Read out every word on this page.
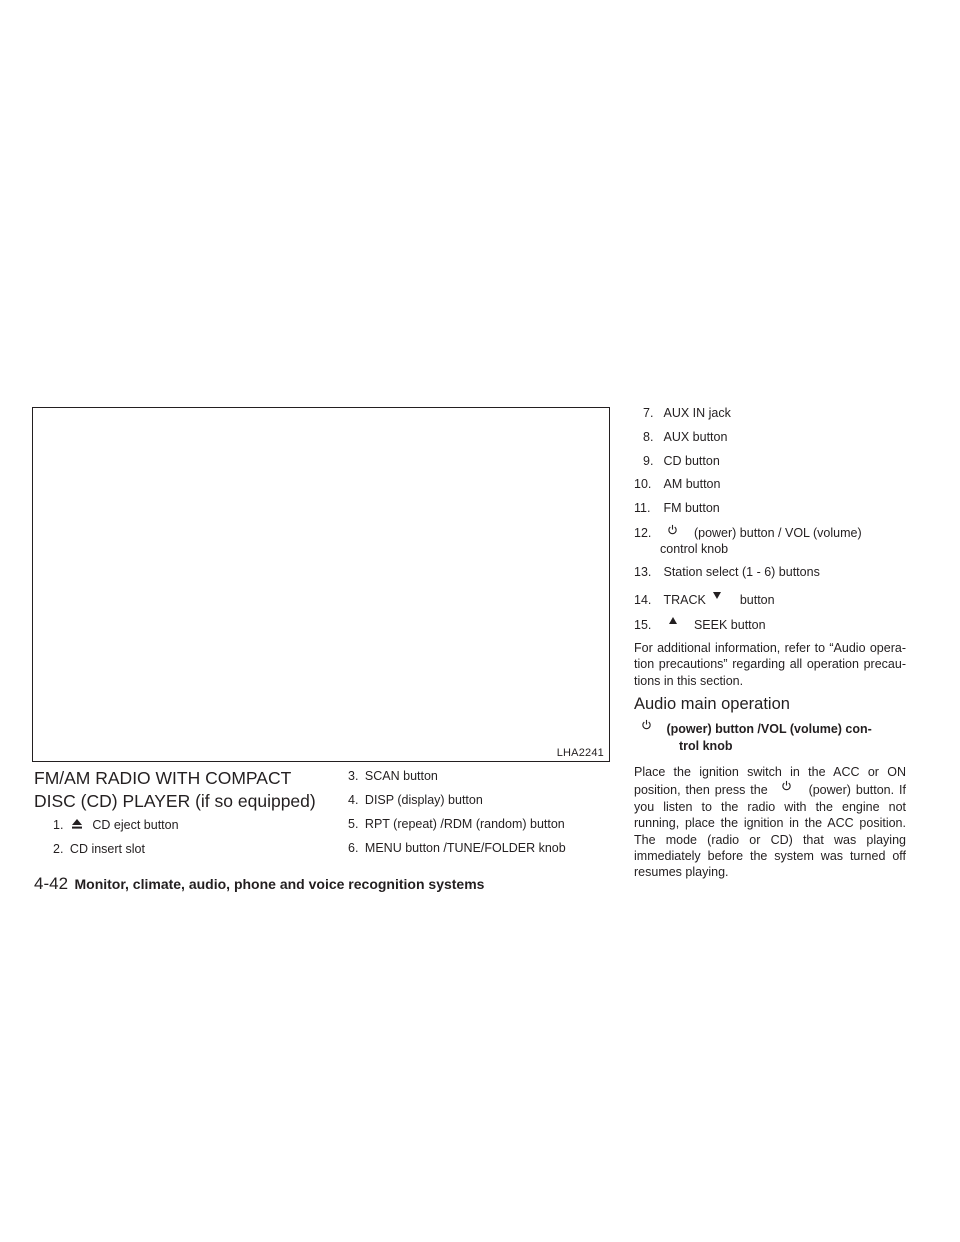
LHA2241
FM/AM RADIO WITH COMPACT DISC (CD) PLAYER (if so equipped)
1. CD eject button
2. CD insert slot
3. SCAN button
4. DISP (display) button
5. RPT (repeat) /RDM (random) button
6. MENU button /TUNE/FOLDER knob
7. AUX IN jack
8. AUX button
9. CD button
10. AM button
11. FM button
12.	(power) button / VOL (volume)
control knob
13. Station select (1 - 6) buttons
14. TRACK	button
15.	SEEK button
For additional information, refer to “Audio opera- tion precautions” regarding all operation precau- tions in this section.
Audio main operation
(power) button /VOL (volume) con-
trol knob
Place the ignition switch in the ACC or ON position, then press the	(power) button. If you listen to the radio with the engine not running, place the ignition in the ACC position. The mode (radio or CD) that was playing immediately before the system was turned off resumes playing.
4-42 Monitor, climate, audio, phone and voice recognition systems
